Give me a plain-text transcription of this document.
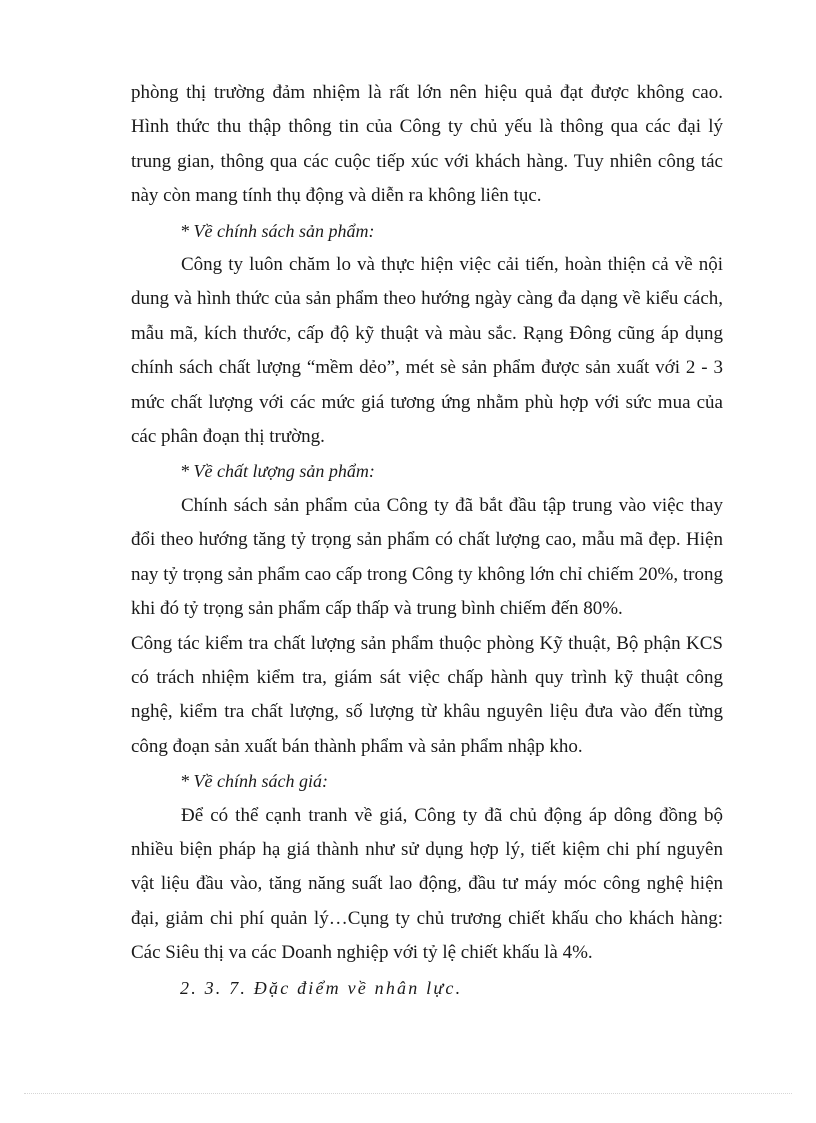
phòng thị trường đảm nhiệm là rất lớn nên hiệu quả đạt được không cao. Hình thức thu thập thông tin của Công ty chủ yếu là thông qua các đại lý trung gian, thông qua các cuộc tiếp xúc với khách hàng. Tuy nhiên công tác này còn mang tính thụ động và diễn ra không liên tục.

* Về chính sách sản phẩm:

Công ty luôn chăm lo và thực hiện việc cải tiến, hoàn thiện cả về nội dung và hình thức của sản phẩm theo hướng ngày càng đa dạng về kiểu cách, mẫu mã, kích thước, cấp độ kỹ thuật và màu sắc. Rạng Đông cũng áp dụng chính sách chất lượng “mềm dẻo”, mét sè sản phẩm được sản xuất với 2 - 3 mức chất lượng với các mức giá tương ứng nhằm phù hợp với sức mua của các phân đoạn thị trường.

* Về chất lượng sản phẩm:

Chính sách sản phẩm của Công ty đã bắt đầu tập trung vào việc thay đổi theo hướng tăng tỷ trọng sản phẩm có chất lượng cao, mẫu mã đẹp. Hiện nay tỷ trọng sản phẩm cao cấp trong Công ty không lớn chỉ chiếm 20%, trong khi đó tỷ trọng sản phẩm cấp thấp và trung bình chiếm đến 80%.

Công tác kiểm tra chất lượng sản phẩm thuộc phòng Kỹ thuật, Bộ phận KCS có trách nhiệm kiểm tra, giám sát việc chấp hành quy trình kỹ thuật công nghệ, kiểm tra chất lượng, số lượng từ khâu nguyên liệu đưa vào đến từng công đoạn sản xuất bán thành phẩm và sản phẩm nhập kho.

* Về chính sách giá:

Để có thể cạnh tranh về giá, Công ty đã chủ động áp dông đồng bộ nhiều biện pháp hạ giá thành như sử dụng hợp lý, tiết kiệm chi phí nguyên vật liệu đầu vào, tăng năng suất lao động, đầu tư máy móc công nghệ hiện đại, giảm chi phí quản lý…Cụng ty chủ trương chiết khấu cho khách hàng: Các Siêu thị va các Doanh nghiệp với tỷ lệ chiết khấu là 4%.

2. 3. 7. Đặc điểm về nhân lực.
